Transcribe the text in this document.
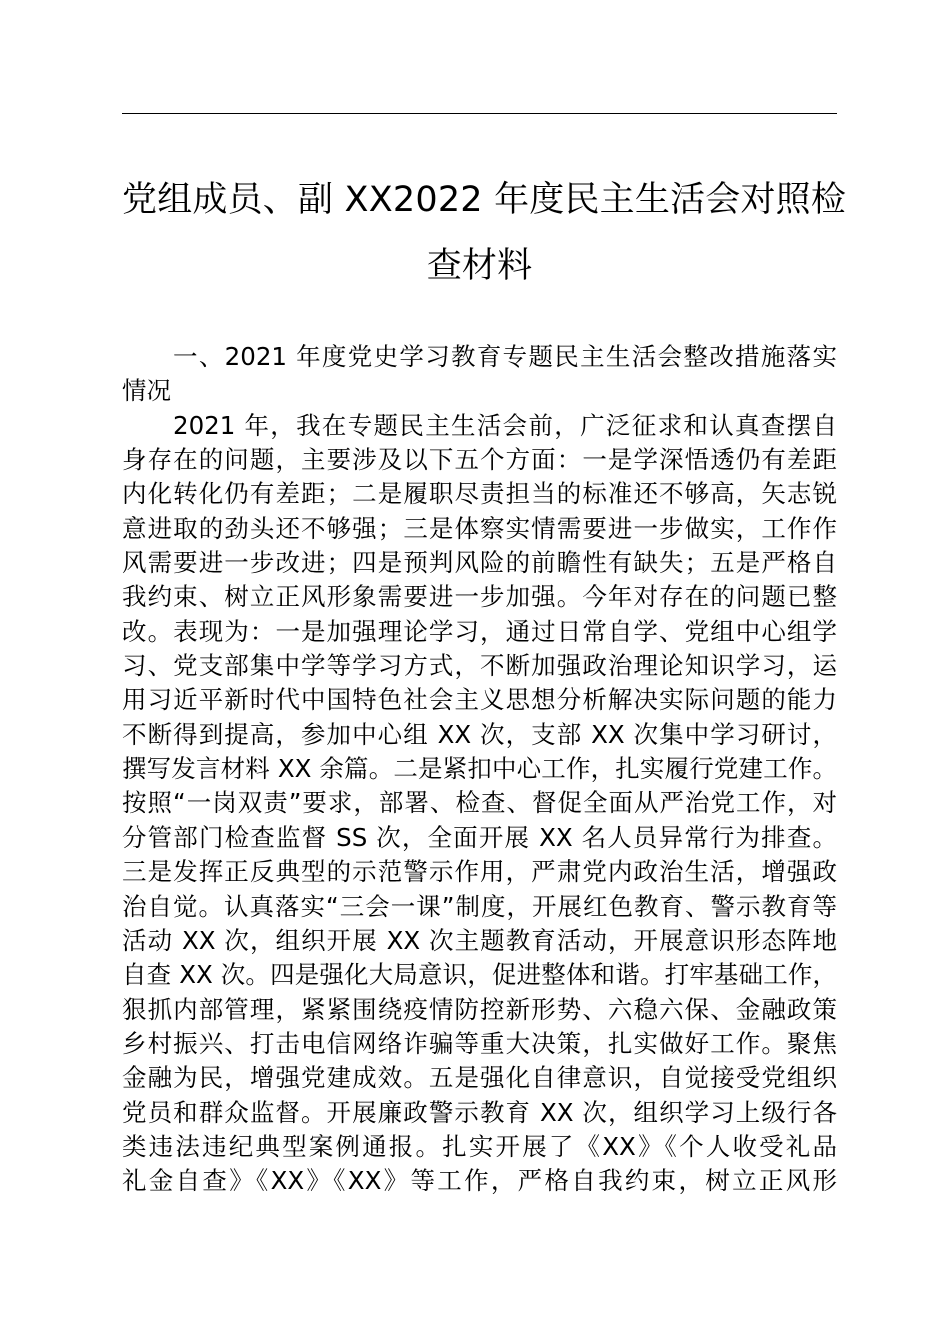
党组成员、副 XX2022 年度民主生活会对照检
查材料
一、2021 年度党史学习教育专题民主生活会整改措施落实
情况
2021 年，我在专题民主生活会前，广泛征求和认真查摆自
身存在的问题，主要涉及以下五个方面：一是学深悟透仍有差距
内化转化仍有差距；二是履职尽责担当的标准还不够高，矢志锐
意进取的劲头还不够强；三是体察实情需要进一步做实，工作作
风需要进一步改进；四是预判风险的前瞻性有缺失；五是严格自
我约束、树立正风形象需要进一步加强。今年对存在的问题已整
改。表现为：一是加强理论学习，通过日常自学、党组中心组学
习、党支部集中学等学习方式，不断加强政治理论知识学习，运
用习近平新时代中国特色社会主义思想分析解决实际问题的能力
不断得到提高，参加中心组 XX 次，支部 XX 次集中学习研讨，
撰写发言材料 XX 余篇。二是紧扣中心工作，扎实履行党建工作。
按照“一岗双责”要求，部署、检查、督促全面从严治党工作，对
分管部门检查监督 SS 次，全面开展 XX 名人员异常行为排查。
三是发挥正反典型的示范警示作用，严肃党内政治生活，增强政
治自觉。认真落实“三会一课”制度，开展红色教育、警示教育等
活动 XX 次，组织开展 XX 次主题教育活动，开展意识形态阵地
自查 XX 次。四是强化大局意识，促进整体和谐。打牢基础工作，
狠抓内部管理，紧紧围绕疫情防控新形势、六稳六保、金融政策
乡村振兴、打击电信网络诈骗等重大决策，扎实做好工作。聚焦
金融为民，增强党建成效。五是强化自律意识，自觉接受党组织
党员和群众监督。开展廉政警示教育 XX 次，组织学习上级行各
类违法违纪典型案例通报。扎实开展了《XX》《个人收受礼品
礼金自查》《XX》《XX》等工作，严格自我约束，树立正风形
